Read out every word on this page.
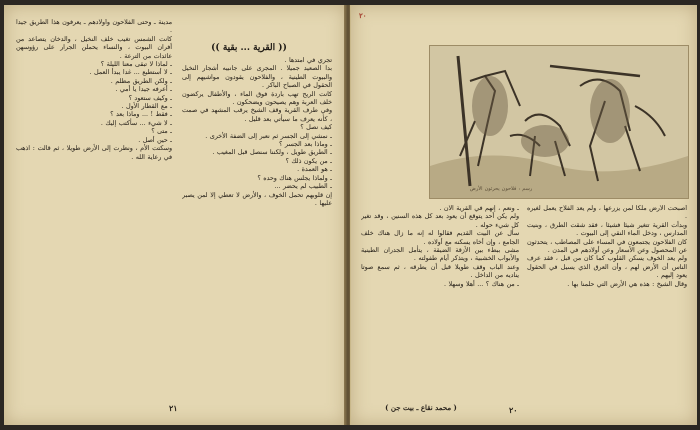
(( القرية ... بقية ))

تجري في امتدها .

بدا الصعيد جميلا . المجرى على جانبيه أشجار النخيل والبيوت الطينية ، والفلاحون يقودون مواشيهم إلى الحقول في الصباح الباكر .

كانت الريح تهب باردة فوق الماء ، والأطفال يركضون خلف العربة وهم يصيحون ويضحكون .

وفي طرف القرية وقف الشيخ يرقب المشهد في صمت ، كأنه يعرف ما سيأتي بعد قليل .

كيف نصل ؟

ـ نمشي إلى الجسر ثم نعبر إلى الضفة الأخرى .

ـ وماذا بعد الجسر ؟

ـ الطريق طويل ، ولكننا سنصل قبل المغيب .

ـ من يكون ذلك ؟

ـ هو العمدة .

ـ ولماذا يجلس هناك وحده ؟

ـ الطبيب لم يحضر ...

إن قلوبهم تحمل الخوف ، والأرض لا تعطي إلا لمن يصبر عليها .

مدينة ـ وحتى الفلاحون وأولادهم ـ يعرفون هذا الطريق جيدا .

كانت الشمس تغيب خلف النخيل ، والدخان يتصاعد من أفران البيوت ، والنساء يحملن الجرار على رؤوسهن عائدات من الترعة .

ـ لماذا لا تبقى معنا الليلة ؟

ـ لا أستطيع ... غدا يبدأ العمل .

ـ ولكن الطريق مظلم .

ـ أعرفه جيدا يا أمي .

ـ وكيف ستعود ؟

ـ مع القطار الأول .

ـ فقط ! ... وماذا بعد ؟

ـ لا شيء ... سأكتب إليك .

ـ متى ؟

ـ حين أصل .

وسكتت الأم ، ونظرت إلى الأرض طويلا ، ثم قالت : اذهب في رعاية الله .

٢١

أصبحت الأرض ملكا لمن يزرعها ، ولم يعد الفلاح يعمل لغيره .

وبدأت القرية تتغير شيئا فشيئا ، فقد شقت الطرق ، وبنيت المدارس ، ودخل الماء النقي إلى البيوت .

كان الفلاحون يجتمعون في المساء على المصاطب ، يتحدثون عن المحصول وعن الأسعار وعن أولادهم في المدن .

ولم يعد الخوف يسكن القلوب كما كان من قبل ، فقد عرف الناس أن الأرض لهم ، وأن العرق الذي يسيل في الحقول يعود إليهم .

وقال الشيخ : هذه هي الأرض التي حلمنا بها .

ـ ونعم ، إنهم في القرية الآن .

ولم يكن أحد يتوقع أن يعود بعد كل هذه السنين ، وقد تغير كل شيء حوله .

سأل عن البيت القديم فقالوا له إنه ما زال هناك خلف الجامع ، وإن أخاه يسكنه مع أولاده .

مشى ببطء بين الأزقة الضيقة ، يتأمل الجدران الطينية والأبواب الخشبية ، ويتذكر أيام طفولته .

وعند الباب وقف طويلا قبل أن يطرقه ، ثم سمع صوتا يناديه من الداخل .

ـ من هناك ؟ ... أهلا وسهلا .

( محمد نقاع ـ بيت جن )	٢٠
٢٠
رسم : فلاحون يحرثون الأرض
